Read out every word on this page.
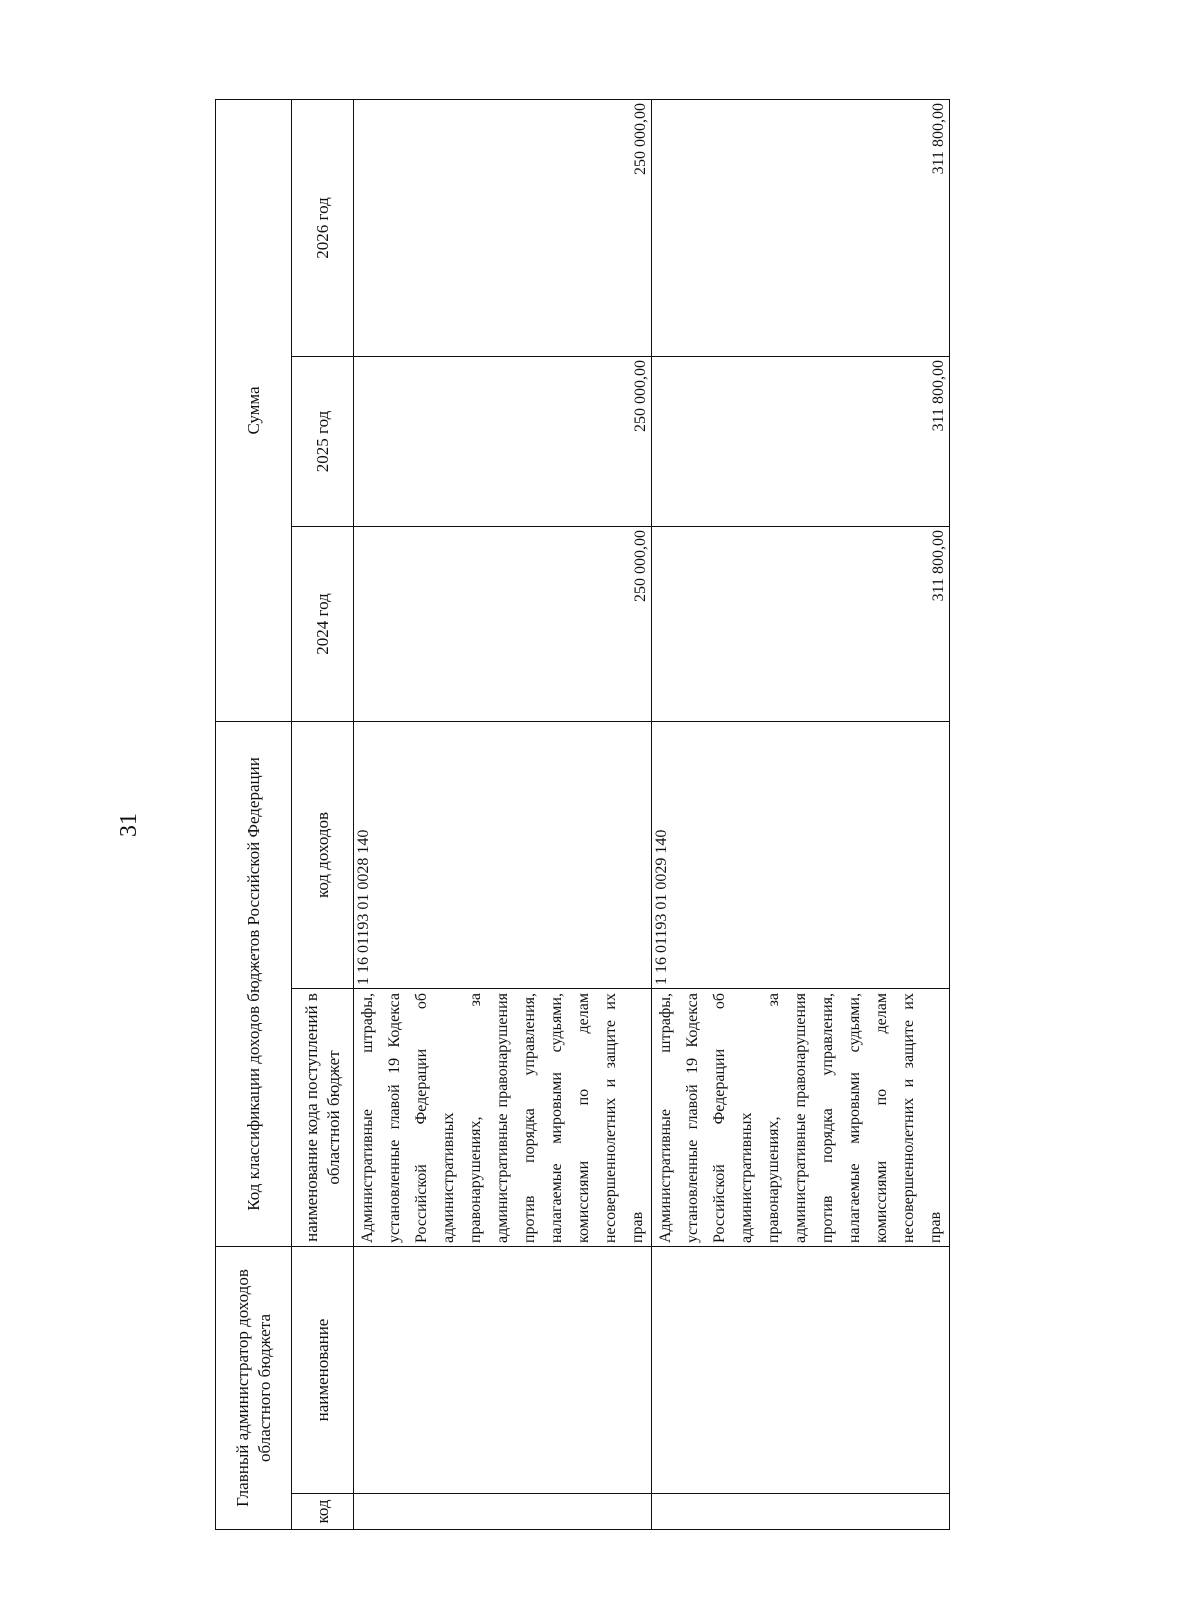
31
Главный администратор доходов областного бюджета		Код классификации доходов бюджетов Российской Федерации		Сумма		
код	наименование	наименование кода поступлений в областной бюджет	код доходов	2024 год	2025 год	2026 год
		Административные штрафы, установленные главой 19 Кодекса Российской Федерации об административных правонарушениях, за административные правонарушения против порядка управления, налагаемые мировыми судьями, комиссиями по делам несовершеннолетних и защите их прав	1 16 01193 01 0028 140	250 000,00	250 000,00	250 000,00
		Административные штрафы, установленные главой 19 Кодекса Российской Федерации об административных правонарушениях, за административные правонарушения против порядка управления, налагаемые мировыми судьями, комиссиями по делам несовершеннолетних и защите их прав	1 16 01193 01 0029 140	311 800,00	311 800,00	311 800,00
